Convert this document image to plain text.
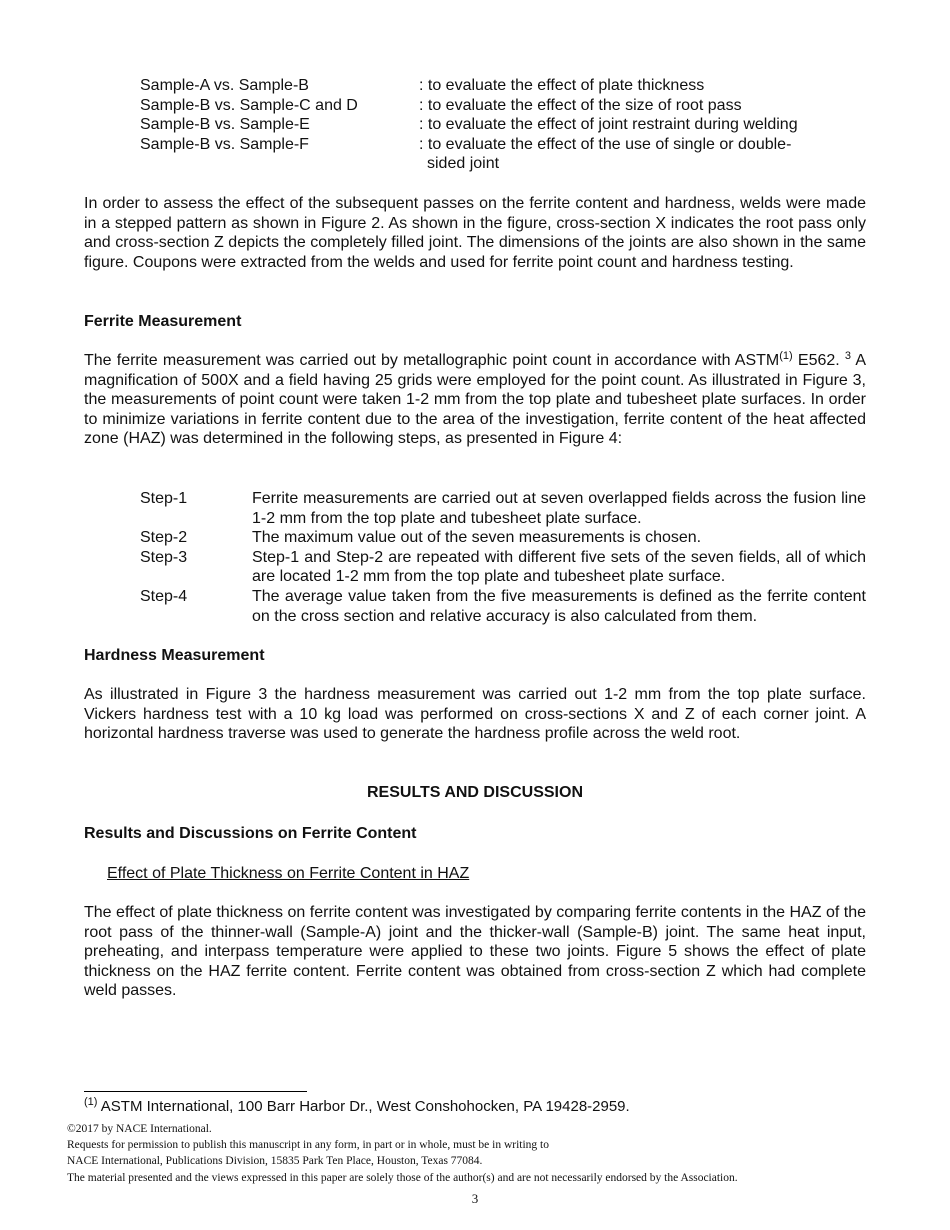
Sample-A vs. Sample-B	: to evaluate the effect of plate thickness
Sample-B vs. Sample-C and D	: to evaluate the effect of the size of root pass
Sample-B vs. Sample-E	: to evaluate the effect of joint restraint during welding
Sample-B vs. Sample-F	: to evaluate the effect of the use of single or double-
sided joint

In order to assess the effect of the subsequent passes on the ferrite content and hardness, welds were made in a stepped pattern as shown in Figure 2. As shown in the figure, cross-section X indicates the root pass only and cross-section Z depicts the completely filled joint. The dimensions of the joints are also shown in the same figure. Coupons were extracted from the welds and used for ferrite point count and hardness testing.

Ferrite Measurement

The ferrite measurement was carried out by metallographic point count in accordance with ASTM$^{(1)}$ E562. $^3$ A magnification of 500X and a field having 25 grids were employed for the point count. As illustrated in Figure 3, the measurements of point count were taken 1-2 mm from the top plate and tubesheet plate surfaces. In order to minimize variations in ferrite content due to the area of the investigation, ferrite content of the heat affected zone (HAZ) was determined in the following steps, as presented in Figure 4:

Step-1	Ferrite measurements are carried out at seven overlapped fields across the fusion line 1-2 mm from the top plate and tubesheet plate surface.
Step-2	The maximum value out of the seven measurements is chosen.
Step-3	Step-1 and Step-2 are repeated with different five sets of the seven fields, all of which are located 1-2 mm from the top plate and tubesheet plate surface.
Step-4	The average value taken from the five measurements is defined as the ferrite content on the cross section and relative accuracy is also calculated from them.

Hardness Measurement

As illustrated in Figure 3 the hardness measurement was carried out 1-2 mm from the top plate surface. Vickers hardness test with a 10 kg load was performed on cross-sections X and Z of each corner joint. A horizontal hardness traverse was used to generate the hardness profile across the weld root.

RESULTS AND DISCUSSION

Results and Discussions on Ferrite Content

Effect of Plate Thickness on Ferrite Content in HAZ

The effect of plate thickness on ferrite content was investigated by comparing ferrite contents in the HAZ of the root pass of the thinner-wall (Sample-A) joint and the thicker-wall (Sample-B) joint. The same heat input, preheating, and interpass temperature were applied to these two joints. Figure 5 shows the effect of plate thickness on the HAZ ferrite content. Ferrite content was obtained from cross-section Z which had complete weld passes.

$^{(1)}$ ASTM International, 100 Barr Harbor Dr., West Conshohocken, PA 19428-2959.
©2017 by NACE International.
Requests for permission to publish this manuscript in any form, in part or in whole, must be in writing to
NACE International, Publications Division, 15835 Park Ten Place, Houston, Texas 77084.
The material presented and the views expressed in this paper are solely those of the author(s) and are not necessarily endorsed by the Association.
3
